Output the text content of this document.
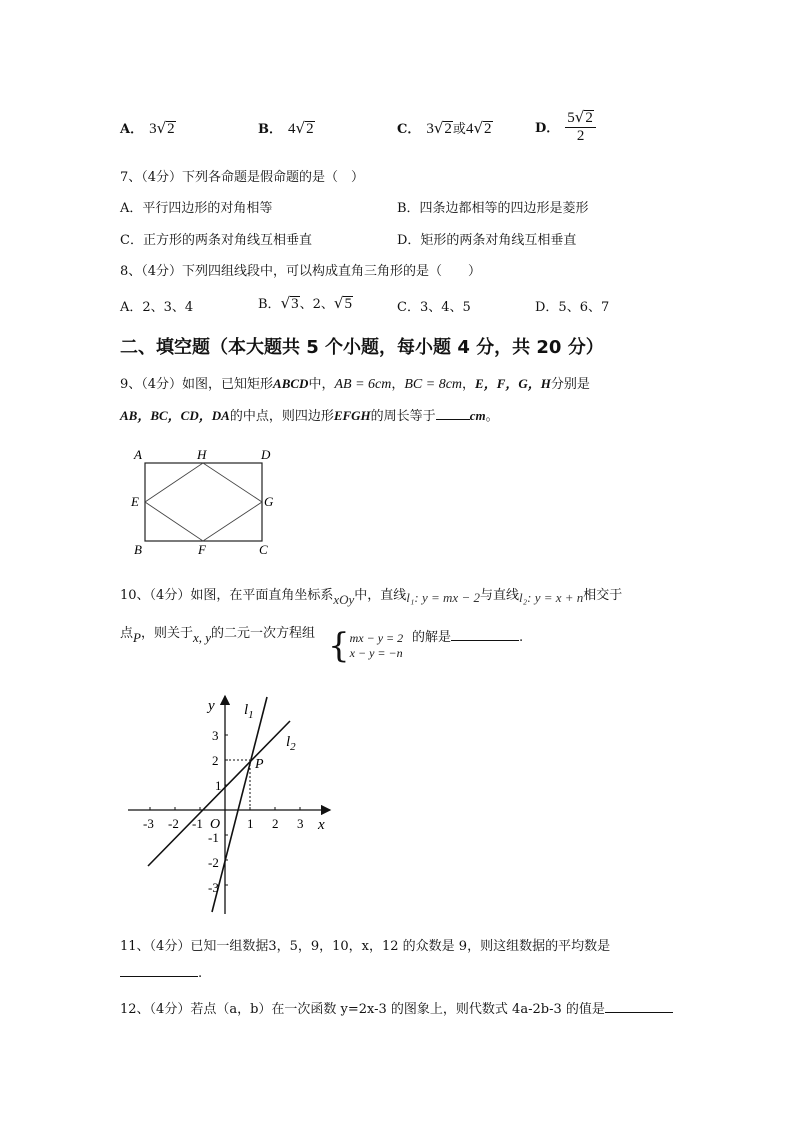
A． 3√2	B． 4√2	C． 3√2或4√2	D． $\frac{5√2}{2}$
7、（4分）下列各命题是假命题的是（　）
A．平行四边形的对角相等	B．四条边都相等的四边形是菱形
C．正方形的两条对角线互相垂直	D．矩形的两条对角线互相垂直
8、（4分）下列四组线段中，可以构成直角三角形的是（　　）
A．2、3、4	B．√3、2、√5	C．3、4、5	D．5、6、7
二、填空题（本大题共 5 个小题，每小题 4 分，共 20 分）
9、（4分）如图，已知矩形ABCD中，AB = 6cm，BC = 8cm，E，F，G，H分别是
AB，BC，CD，DA的中点，则四边形EFGH的周长等于	cm。
A	H	D
E	G
B	F	C
10、（4分）如图，在平面直角坐标系xOy中，直线l₁: y = mx − 2与直线l₂: y = x + n相交于
点P，则关于x, y的二元一次方程组 { mx − y = 2
x − y = −n
的解是	.
y
x
O
$l_1$
$l_2$
P
-3 -2 -1	1 2 3
3
2
1
-1
-2
-3
11、（4分）已知一组数据3，5，9，10，x，12 的众数是 9，则这组数据的平均数是
.
12、（4分）若点（a，b）在一次函数 y=2x-3 的图象上，则代数式 4a-2b-3 的值是
